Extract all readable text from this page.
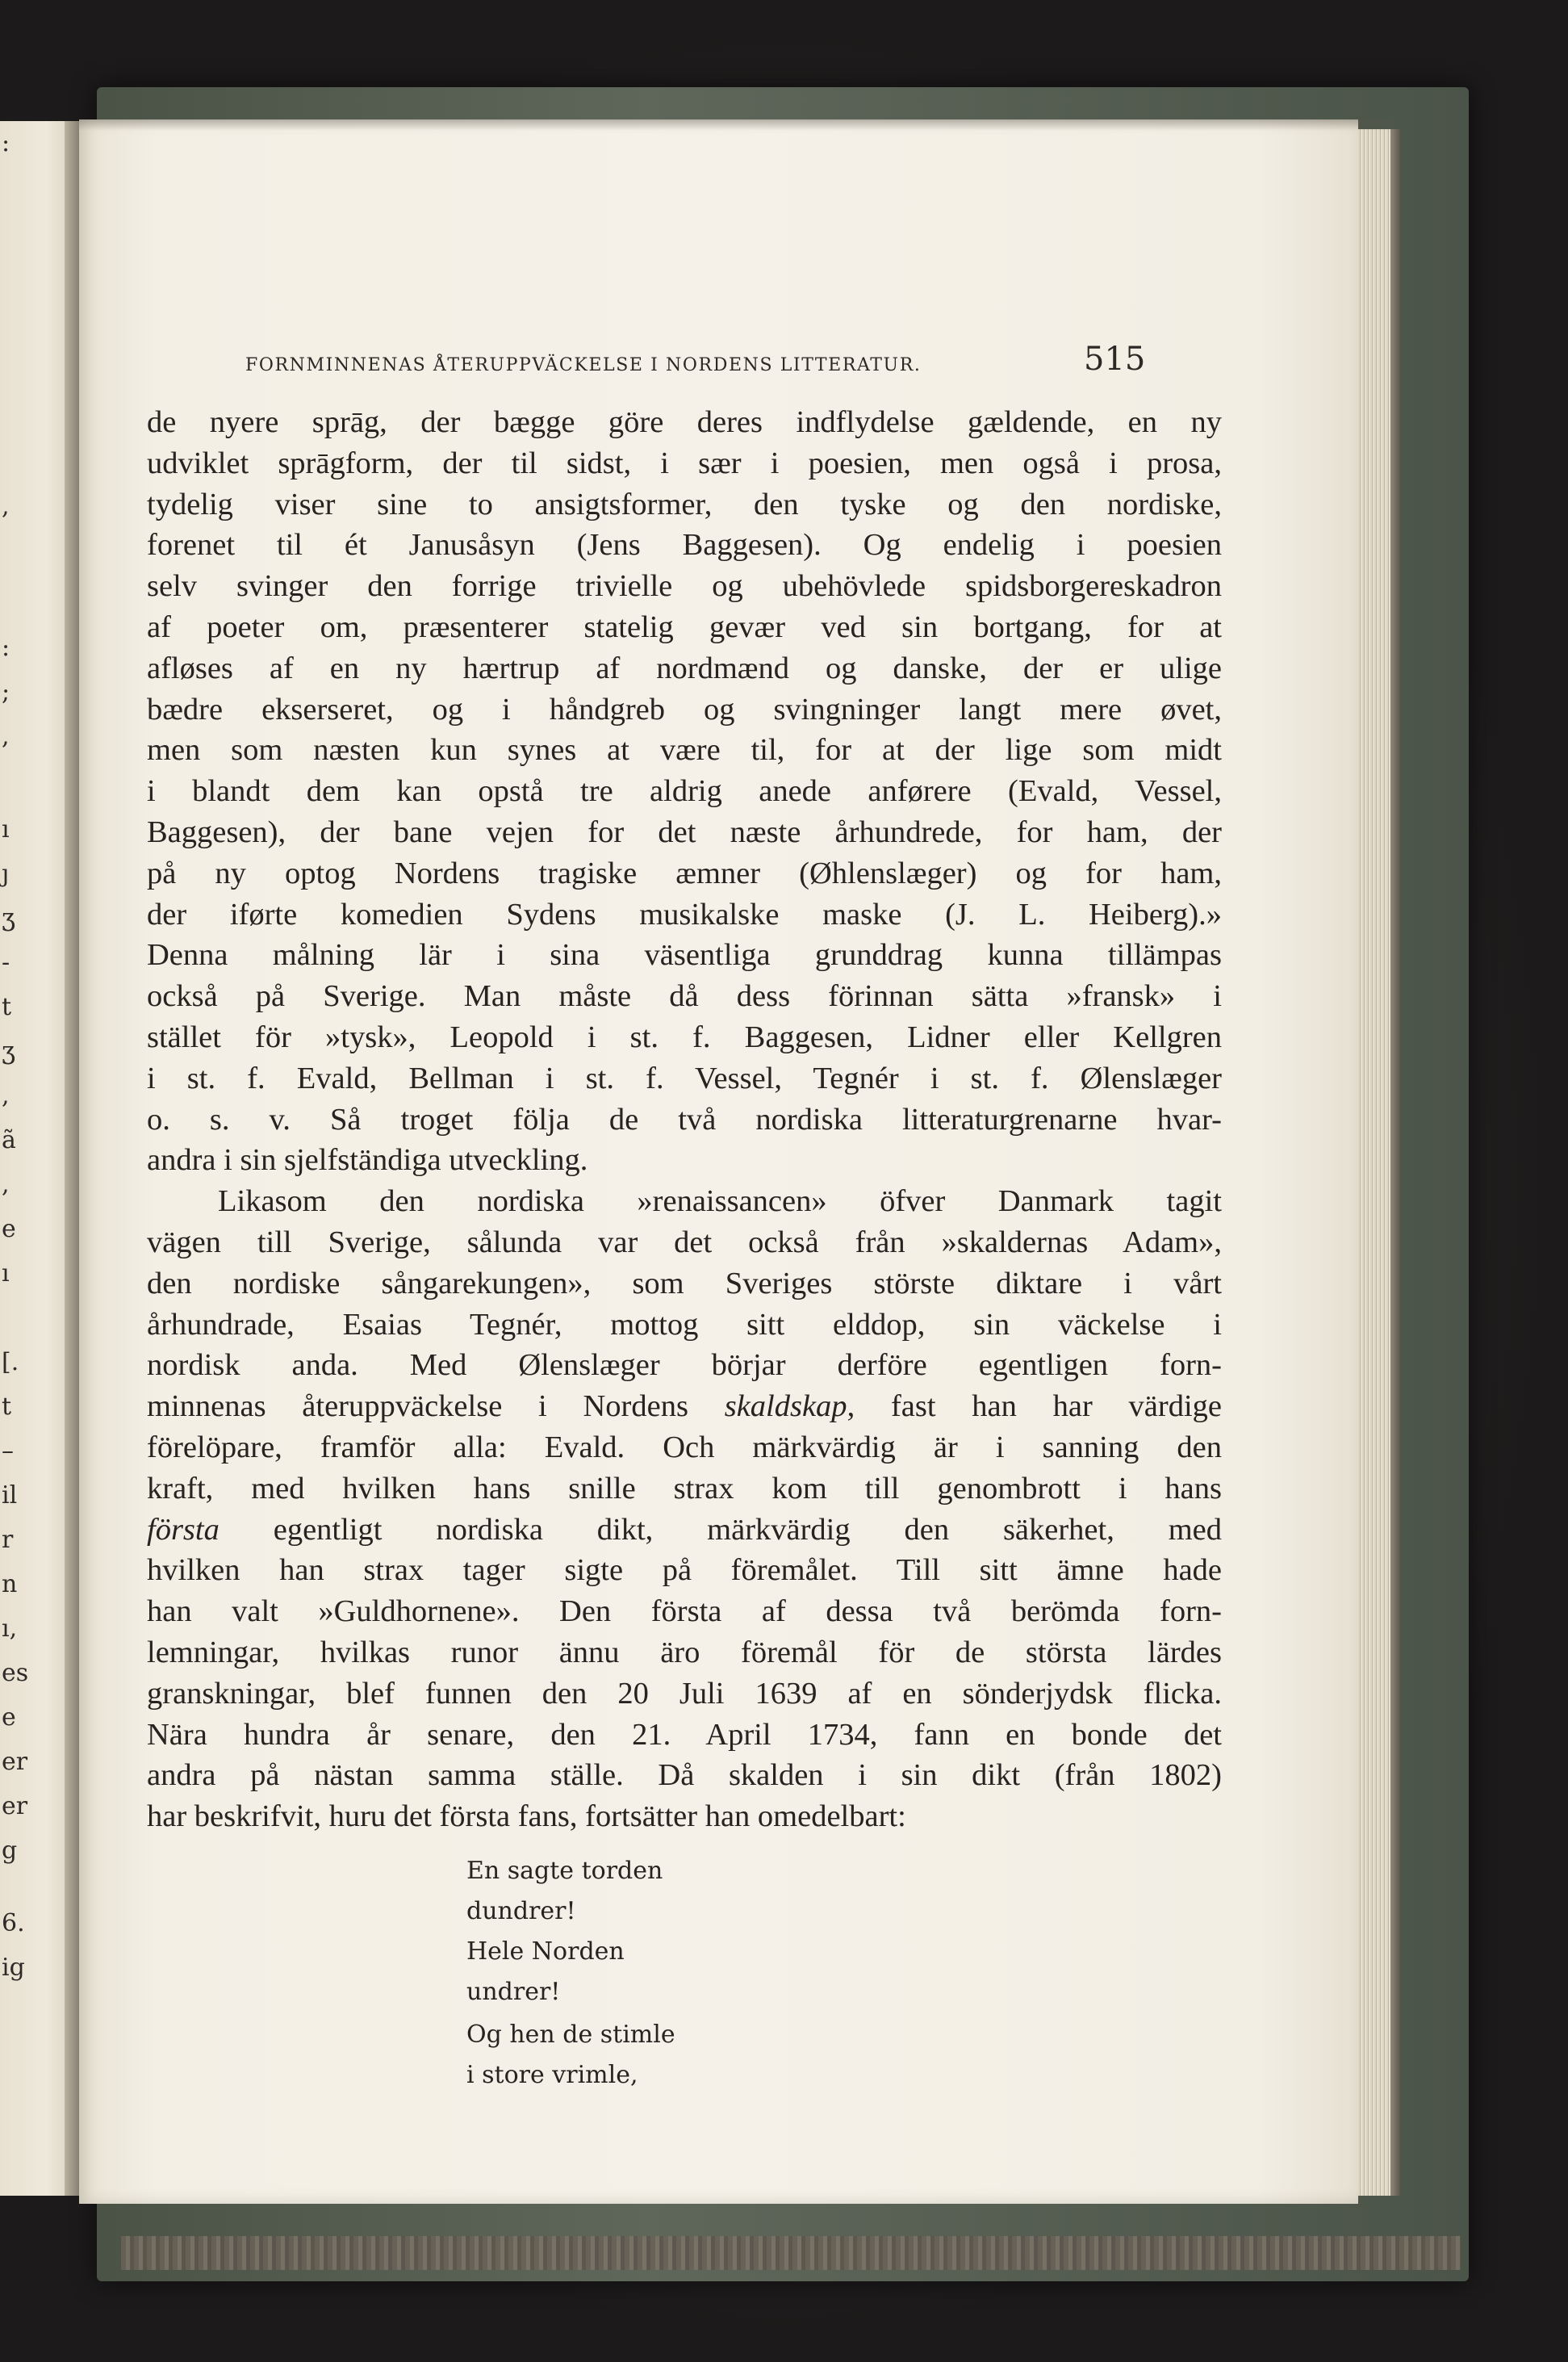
:
,
:
;
,
ı
ȷ
ʒ
-
t
ʒ
,
ã
,
e
ı
[.
t
–
il
r
n
ı,
es
e
er
er
g
6.
ig
FORNMINNENAS ÅTERUPPVÄCKELSE I NORDENS LITTERATUR.	515
de nyere sprāg, der bægge göre deres indflydelse gældende, en ny
udviklet sprāgform, der til sidst, i sær i poesien, men også i prosa,
tydelig viser sine to ansigtsformer, den tyske og den nordiske,
forenet til ét Janusåsyn (Jens Baggesen). Og endelig i poesien
selv svinger den forrige trivielle og ubehövlede spidsborgereskadron
af poeter om, præsenterer statelig gevær ved sin bortgang, for at
afløses af en ny hærtrup af nordmænd og danske, der er ulige
bædre ekserseret, og i håndgreb og svingninger langt mere øvet,
men som næsten kun synes at være til, for at der lige som midt
i blandt dem kan opstå tre aldrig anede anførere (Evald, Vessel,
Baggesen), der bane vejen for det næste århundrede, for ham, der
på ny optog Nordens tragiske æmner (Øhlenslæger) og for ham,
der iførte komedien Sydens musikalske maske (J. L. Heiberg).»
Denna målning lär i sina väsentliga grunddrag kunna tillämpas
också på Sverige. Man måste då dess förinnan sätta »fransk» i
stället för »tysk», Leopold i st. f. Baggesen, Lidner eller Kellgren
i st. f. Evald, Bellman i st. f. Vessel, Tegnér i st. f. Ølenslæger
o. s. v. Så troget följa de två nordiska litteraturgrenarne hvar-
andra i sin sjelfständiga utveckling.
Likasom den nordiska »renaissancen» öfver Danmark tagit
vägen till Sverige, sålunda var det också från »skaldernas Adam»,
den nordiske sångarekungen», som Sveriges störste diktare i vårt
århundrade, Esaias Tegnér, mottog sitt elddop, sin väckelse i
nordisk anda. Med Ølenslæger börjar derföre egentligen forn-
minnenas återuppväckelse i Nordens skaldskap, fast han har värdige
förelöpare, framför alla: Evald. Och märkvärdig är i sanning den
kraft, med hvilken hans snille strax kom till genombrott i hans
första egentligt nordiska dikt, märkvärdig den säkerhet, med
hvilken han strax tager sigte på föremålet. Till sitt ämne hade
han valt »Guldhornene». Den första af dessa två berömda forn-
lemningar, hvilkas runor ännu äro föremål för de största lärdes
granskningar, blef funnen den 20 Juli 1639 af en sönderjydsk flicka.
Nära hundra år senare, den 21. April 1734, fann en bonde det
andra på nästan samma ställe. Då skalden i sin dikt (från 1802)
har beskrifvit, huru det första fans, fortsätter han omedelbart:
En sagte torden
dundrer!
Hele Norden
undrer!
Og hen de stimle
i store vrimle,
